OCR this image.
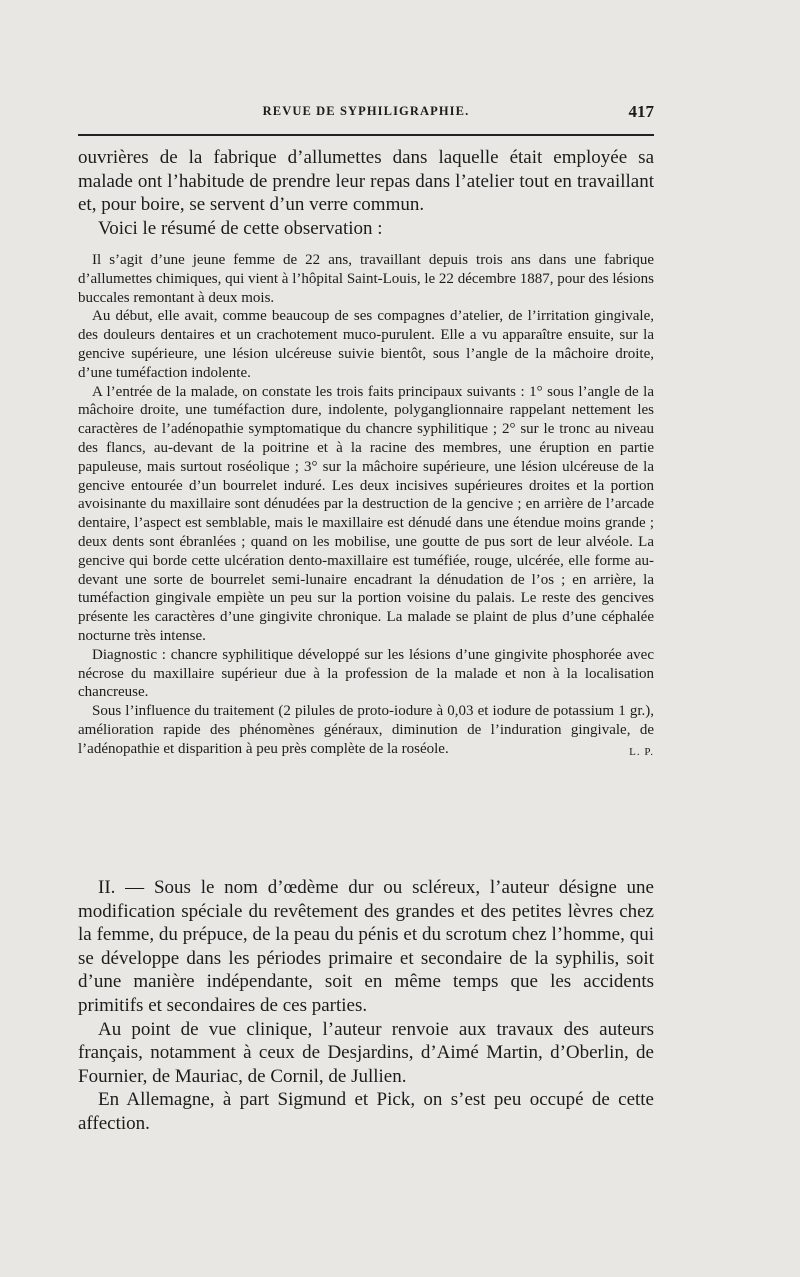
REVUE DE SYPHILIGRAPHIE.	417

ouvrières de la fabrique d’allumettes dans laquelle était employée sa malade ont l’habitude de prendre leur repas dans l’atelier tout en travaillant et, pour boire, se servent d’un verre commun.

Voici le résumé de cette observation :

Il s’agit d’une jeune femme de 22 ans, travaillant depuis trois ans dans une fabrique d’allumettes chimiques, qui vient à l’hôpital Saint-Louis, le 22 décembre 1887, pour des lésions buccales remontant à deux mois.

Au début, elle avait, comme beaucoup de ses compagnes d’atelier, de l’irritation gingivale, des douleurs dentaires et un crachotement muco-purulent. Elle a vu apparaître ensuite, sur la gencive supérieure, une lésion ulcéreuse suivie bientôt, sous l’angle de la mâchoire droite, d’une tuméfaction indolente.

A l’entrée de la malade, on constate les trois faits principaux suivants : 1° sous l’angle de la mâchoire droite, une tuméfaction dure, indolente, polyganglionnaire rappelant nettement les caractères de l’adénopathie symptomatique du chancre syphilitique ; 2° sur le tronc au niveau des flancs, au-devant de la poitrine et à la racine des membres, une éruption en partie papuleuse, mais surtout roséolique ; 3° sur la mâchoire supérieure, une lésion ulcéreuse de la gencive entourée d’un bourrelet induré. Les deux incisives supérieures droites et la portion avoisinante du maxillaire sont dénudées par la destruction de la gencive ; en arrière de l’arcade dentaire, l’aspect est semblable, mais le maxillaire est dénudé dans une étendue moins grande ; deux dents sont ébranlées ; quand on les mobilise, une goutte de pus sort de leur alvéole. La gencive qui borde cette ulcération dento-maxillaire est tuméfiée, rouge, ulcérée, elle forme au-devant une sorte de bourrelet semi-lunaire encadrant la dénudation de l’os ; en arrière, la tuméfaction gingivale empiète un peu sur la portion voisine du palais. Le reste des gencives présente les caractères d’une gingivite chronique. La malade se plaint de plus d’une céphalée nocturne très intense.

Diagnostic : chancre syphilitique développé sur les lésions d’une gingivite phosphorée avec nécrose du maxillaire supérieur due à la profession de la malade et non à la localisation chancreuse.

Sous l’influence du traitement (2 pilules de proto-iodure à 0,03 et iodure de potassium 1 gr.), amélioration rapide des phénomènes généraux, diminution de l’induration gingivale, de l’adénopathie et disparition à peu près complète de la roséole.	L. P.

II. — Sous le nom d’œdème dur ou scléreux, l’auteur désigne une modification spéciale du revêtement des grandes et des petites lèvres chez la femme, du prépuce, de la peau du pénis et du scrotum chez l’homme, qui se développe dans les périodes primaire et secondaire de la syphilis, soit d’une manière indépendante, soit en même temps que les accidents primitifs et secondaires de ces parties.

Au point de vue clinique, l’auteur renvoie aux travaux des auteurs français, notamment à ceux de Desjardins, d’Aimé Martin, d’Oberlin, de Fournier, de Mauriac, de Cornil, de Jullien.

En Allemagne, à part Sigmund et Pick, on s’est peu occupé de cette affection.
